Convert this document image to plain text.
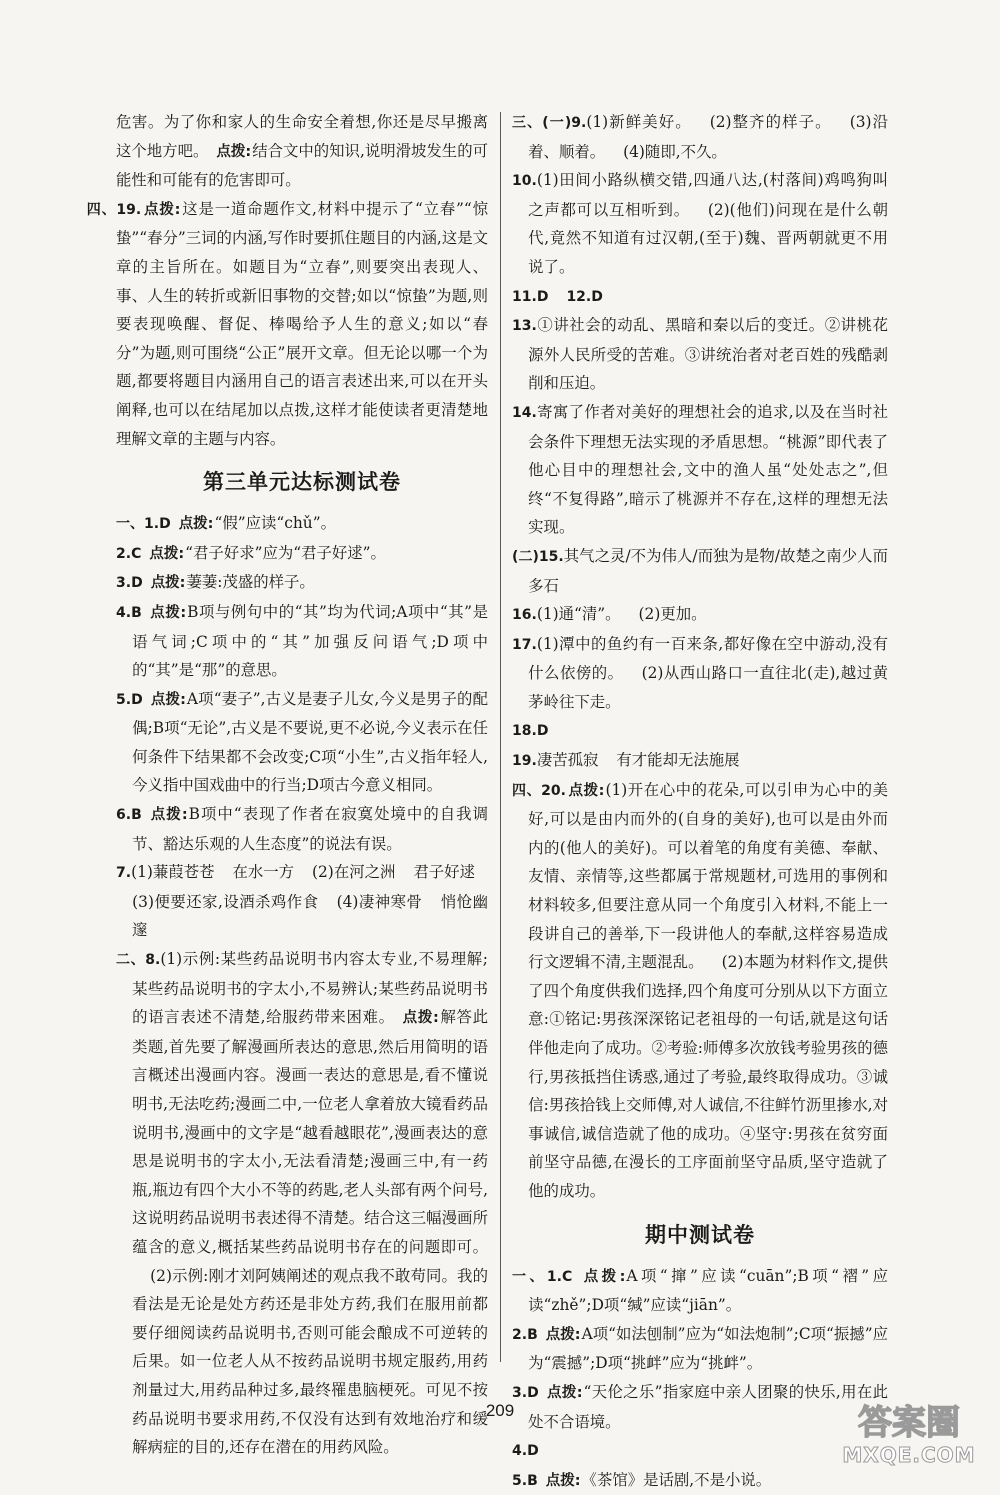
危害。为了你和家人的生命安全着想,你还是尽早搬离这个地方吧。 点拨:结合文中的知识,说明滑坡发生的可能性和可能有的危害即可。

四、19. 点拨:这是一道命题作文,材料中提示了“立春”“惊蛰”“春分”三词的内涵,写作时要抓住题目的内涵,这是文章的主旨所在。如题目为“立春”,则要突出表现人、事、人生的转折或新旧事物的交替;如以“惊蛰”为题,则要表现唤醒、督促、棒喝给予人生的意义;如以“春分”为题,则可围绕“公正”展开文章。但无论以哪一个为题,都要将题目内涵用自己的语言表述出来,可以在开头阐释,也可以在结尾加以点拨,这样才能使读者更清楚地理解文章的主题与内容。

第三单元达标测试卷

一、1.D 点拨:“假”应读“chǔ”。

2.C 点拨:“君子好求”应为“君子好逑”。

3.D 点拨:萋萋:茂盛的样子。

4.B 点拨:B项与例句中的“其”均为代词;A项中“其”是语气词;C项中的“其”加强反问语气;D项中的“其”是“那”的意思。

5.D 点拨:A项“妻子”,古义是妻子儿女,今义是男子的配偶;B项“无论”,古义是不要说,更不必说,今义表示在任何条件下结果都不会改变;C项“小生”,古义指年轻人,今义指中国戏曲中的行当;D项古今意义相同。

6.B 点拨:B项中“表现了作者在寂寞处境中的自我调节、豁达乐观的人生态度”的说法有误。

7.(1)蒹葭苍苍 在水一方 (2)在河之洲 君子好逑
(3)便要还家,设酒杀鸡作食 (4)凄神寒骨 悄怆幽邃

二、8.(1)示例:某些药品说明书内容太专业,不易理解;某些药品说明书的字太小,不易辨认;某些药品说明书的语言表述不清楚,给服药带来困难。 点拨:解答此类题,首先要了解漫画所表达的意思,然后用简明的语言概述出漫画内容。漫画一表达的意思是,看不懂说明书,无法吃药;漫画二中,一位老人拿着放大镜看药品说明书,漫画中的文字是“越看越眼花”,漫画表达的意思是说明书的字太小,无法看清楚;漫画三中,有一药瓶,瓶边有四个大小不等的药匙,老人头部有两个问号,这说明药品说明书表述得不清楚。结合这三幅漫画所蕴含的意义,概括某些药品说明书存在的问题即可。(2)示例:刚才刘阿姨阐述的观点我不敢苟同。我的看法是无论是处方药还是非处方药,我们在服用前都要仔细阅读药品说明书,否则可能会酿成不可逆转的后果。如一位老人从不按药品说明书规定服药,用药剂量过大,用药品种过多,最终罹患脑梗死。可见不按药品说明书要求用药,不仅没有达到有效地治疗和缓解病症的目的,还存在潜在的用药风险。

三、(一)9.(1)新鲜美好。 (2)整齐的样子。 (3)沿着、顺着。 (4)随即,不久。

10.(1)田间小路纵横交错,四通八达,(村落间)鸡鸣狗叫之声都可以互相听到。 (2)(他们)问现在是什么朝代,竟然不知道有过汉朝,(至于)魏、晋两朝就更不用说了。

11.D 12.D

13.①讲社会的动乱、黑暗和秦以后的变迁。②讲桃花源外人民所受的苦难。③讲统治者对老百姓的残酷剥削和压迫。

14.寄寓了作者对美好的理想社会的追求,以及在当时社会条件下理想无法实现的矛盾思想。“桃源”即代表了他心目中的理想社会,文中的渔人虽“处处志之”,但终“不复得路”,暗示了桃源并不存在,这样的理想无法实现。

(二)15.其气之灵/不为伟人/而独为是物/故楚之南少人而多石

16.(1)通“清”。 (2)更加。

17.(1)潭中的鱼约有一百来条,都好像在空中游动,没有什么依傍的。 (2)从西山路口一直往北(走),越过黄茅岭往下走。

18.D

19.凄苦孤寂 有才能却无法施展

四、20. 点拨:(1)开在心中的花朵,可以引申为心中的美好,可以是由内而外的(自身的美好),也可以是由外而内的(他人的美好)。可以着笔的角度有美德、奉献、友情、亲情等,这些都属于常规题材,可选用的事例和材料较多,但要注意从同一个角度引入材料,不能上一段讲自己的善举,下一段讲他人的奉献,这样容易造成行文逻辑不清,主题混乱。 (2)本题为材料作文,提供了四个角度供我们选择,四个角度可分别从以下方面立意:①铭记:男孩深深铭记老祖母的一句话,就是这句话伴他走向了成功。②考验:师傅多次放钱考验男孩的德行,男孩抵挡住诱惑,通过了考验,最终取得成功。③诚信:男孩拾钱上交师傅,对人诚信,不往鲜竹沥里掺水,对事诚信,诚信造就了他的成功。④坚守:男孩在贫穷面前坚守品德,在漫长的工序面前坚守品质,坚守造就了他的成功。

期中测试卷

一、1.C 点拨:A项“撺”应读“cuān”;B项“褶”应读“zhě”;D项“缄”应读“jiān”。

2.B 点拨:A项“如法刨制”应为“如法炮制”;C项“振撼”应为“震撼”;D项“挑衅”应为“挑衅”。

3.D 点拨:“天伦之乐”指家庭中亲人团聚的快乐,用在此处不合语境。

4.D

5.B 点拨:《茶馆》是话剧,不是小说。

209	答案圈
MXQE.COM
